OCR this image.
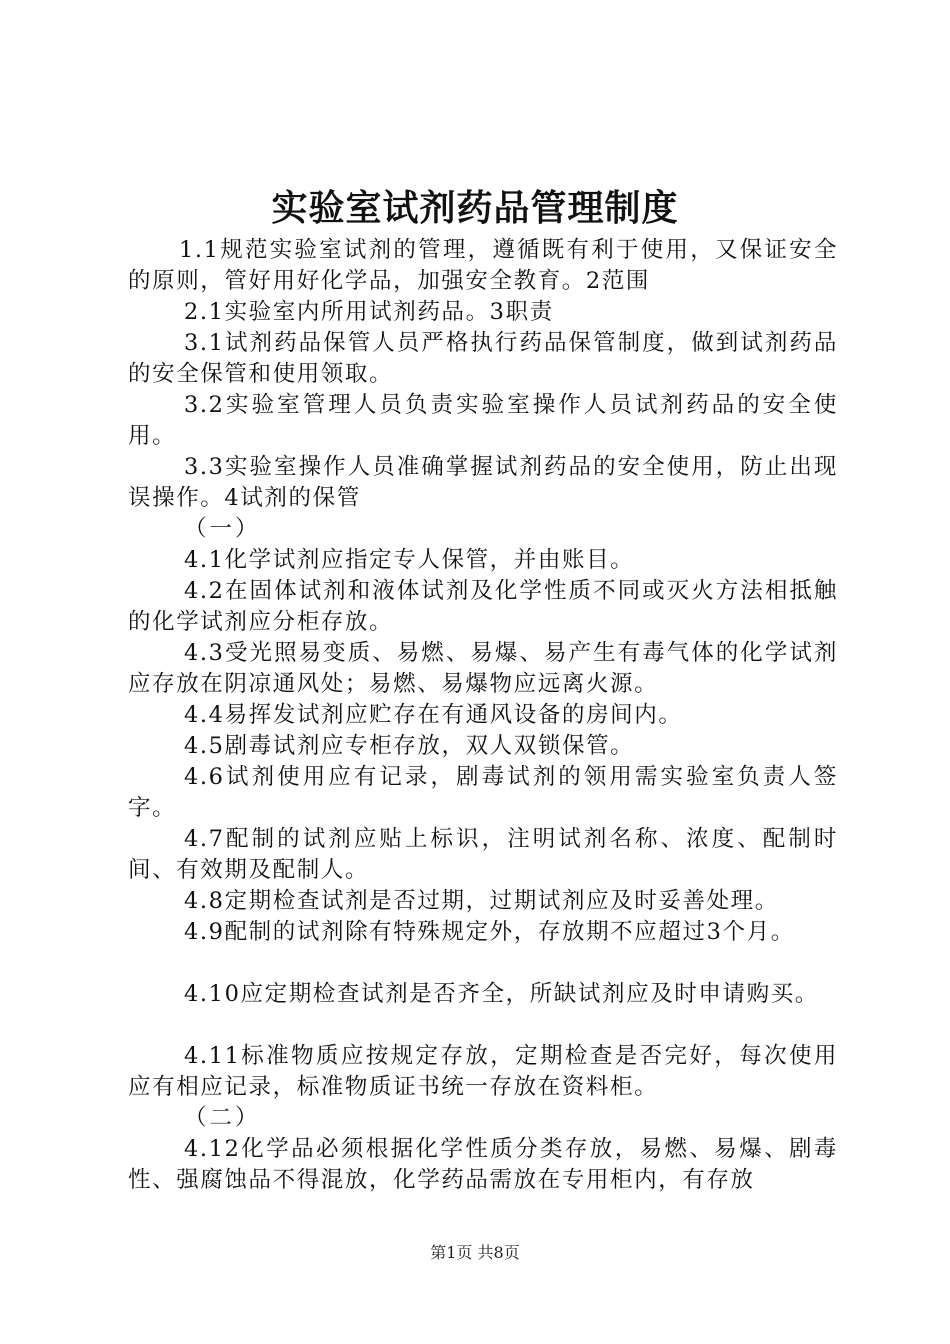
实验室试剂药品管理制度

1.1规范实验室试剂的管理，遵循既有利于使用，又保证安全的原则，管好用好化学品，加强安全教育。2范围

2.1实验室内所用试剂药品。3职责

3.1试剂药品保管人员严格执行药品保管制度，做到试剂药品的安全保管和使用领取。

3.2实验室管理人员负责实验室操作人员试剂药品的安全使用。

3.3实验室操作人员准确掌握试剂药品的安全使用，防止出现误操作。4试剂的保管

（一）

4.1化学试剂应指定专人保管，并由账目。

4.2在固体试剂和液体试剂及化学性质不同或灭火方法相抵触的化学试剂应分柜存放。

4.3受光照易变质、易燃、易爆、易产生有毒气体的化学试剂应存放在阴凉通风处；易燃、易爆物应远离火源。

4.4易挥发试剂应贮存在有通风设备的房间内。

4.5剧毒试剂应专柜存放，双人双锁保管。

4.6试剂使用应有记录，剧毒试剂的领用需实验室负责人签字。

4.7配制的试剂应贴上标识，注明试剂名称、浓度、配制时间、有效期及配制人。

4.8定期检查试剂是否过期，过期试剂应及时妥善处理。

4.9配制的试剂除有特殊规定外，存放期不应超过3个月。

4.10应定期检查试剂是否齐全，所缺试剂应及时申请购买。

4.11标准物质应按规定存放，定期检查是否完好，每次使用应有相应记录，标准物质证书统一存放在资料柜。

（二）

4.12化学品必须根据化学性质分类存放，易燃、易爆、剧毒性、强腐蚀品不得混放，化学药品需放在专用柜内，有存放

第1页 共8页
